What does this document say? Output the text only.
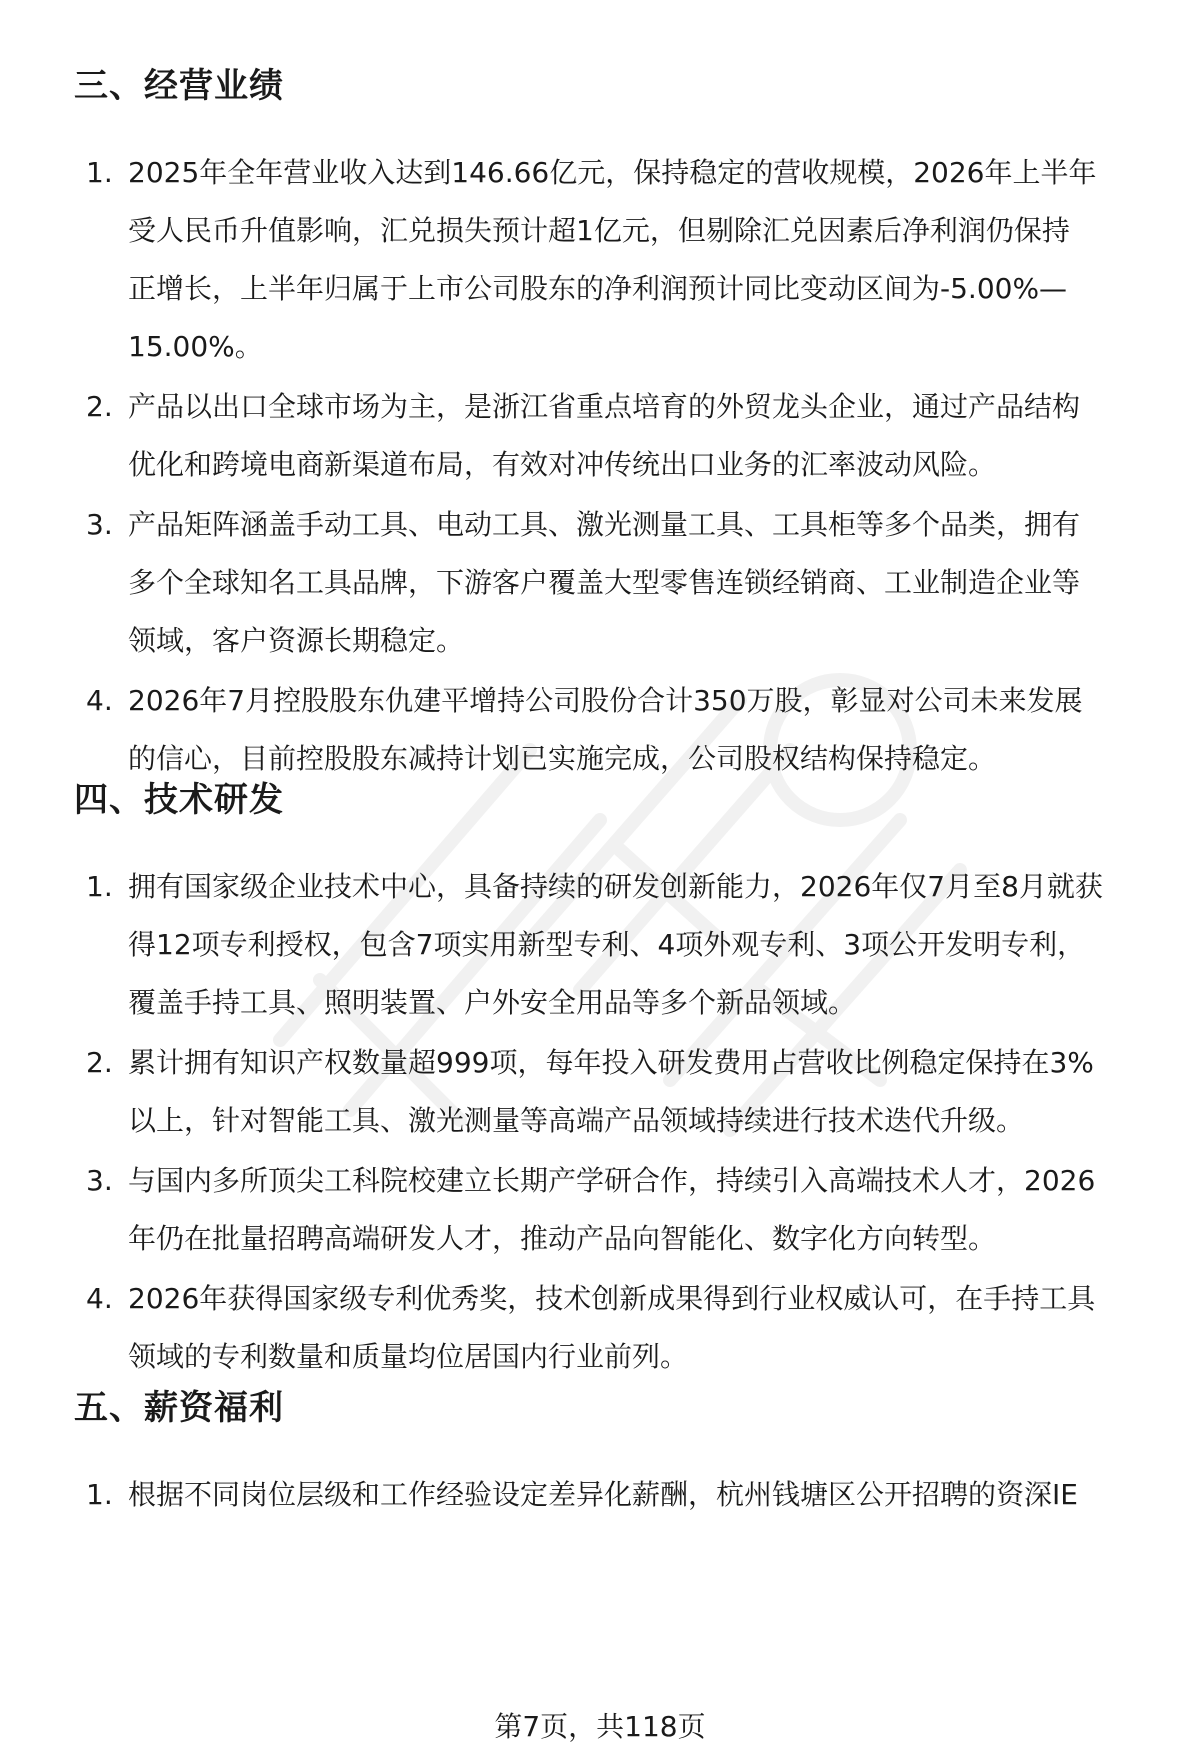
三、经营业绩
1. 2025年全年营业收入达到146.66亿元，保持稳定的营收规模，2026年上半年
受人民币升值影响，汇兑损失预计超1亿元，但剔除汇兑因素后净利润仍保持
正增长，上半年归属于上市公司股东的净利润预计同比变动区间为-5.00%—
15.00%。
2. 产品以出口全球市场为主，是浙江省重点培育的外贸龙头企业，通过产品结构
优化和跨境电商新渠道布局，有效对冲传统出口业务的汇率波动风险。
3. 产品矩阵涵盖手动工具、电动工具、激光测量工具、工具柜等多个品类，拥有
多个全球知名工具品牌，下游客户覆盖大型零售连锁经销商、工业制造企业等
领域，客户资源长期稳定。
4. 2026年7月控股股东仇建平增持公司股份合计350万股，彰显对公司未来发展
的信心，目前控股股东减持计划已实施完成，公司股权结构保持稳定。
四、技术研发
1. 拥有国家级企业技术中心，具备持续的研发创新能力，2026年仅7月至8月就获
得12项专利授权，包含7项实用新型专利、4项外观专利、3项公开发明专利，
覆盖手持工具、照明装置、户外安全用品等多个新品领域。
2. 累计拥有知识产权数量超999项，每年投入研发费用占营收比例稳定保持在3%
以上，针对智能工具、激光测量等高端产品领域持续进行技术迭代升级。
3. 与国内多所顶尖工科院校建立长期产学研合作，持续引入高端技术人才，2026
年仍在批量招聘高端研发人才，推动产品向智能化、数字化方向转型。
4. 2026年获得国家级专利优秀奖，技术创新成果得到行业权威认可，在手持工具
领域的专利数量和质量均位居国内行业前列。
五、薪资福利
1. 根据不同岗位层级和工作经验设定差异化薪酬，杭州钱塘区公开招聘的资深IE
第7页，共118页
